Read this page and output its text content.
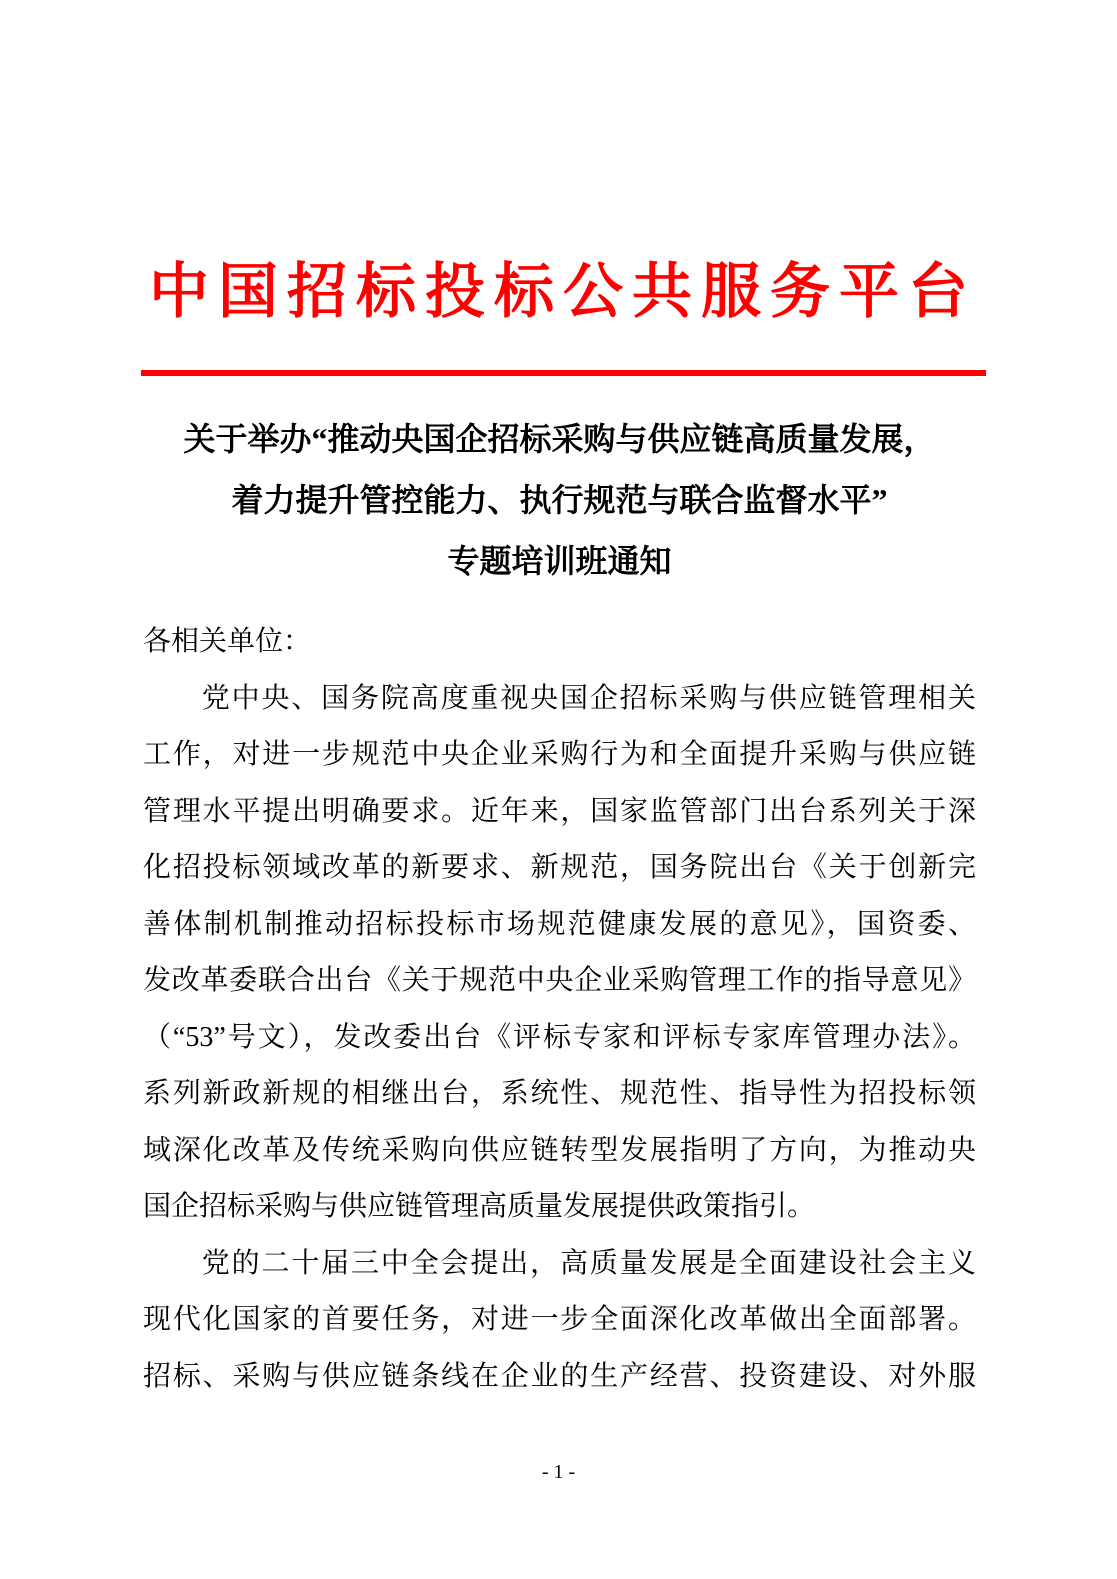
中国招标投标公共服务平台
关于举办“推动央国企招标采购与供应链高质量发展，
着力提升管控能力、执行规范与联合监督水平”
专题培训班通知
各相关单位：
党中央、国务院高度重视央国企招标采购与供应链管理相关
工作，对进一步规范中央企业采购行为和全面提升采购与供应链
管理水平提出明确要求。近年来，国家监管部门出台系列关于深
化招投标领域改革的新要求、新规范，国务院出台《关于创新完
善体制机制推动招标投标市场规范健康发展的意见》，国资委、
发改革委联合出台《关于规范中央企业采购管理工作的指导意见》
（“53”号文），发改委出台《评标专家和评标专家库管理办法》。
系列新政新规的相继出台，系统性、规范性、指导性为招投标领
域深化改革及传统采购向供应链转型发展指明了方向，为推动央
国企招标采购与供应链管理高质量发展提供政策指引。
党的二十届三中全会提出，高质量发展是全面建设社会主义
现代化国家的首要任务，对进一步全面深化改革做出全面部署。
招标、采购与供应链条线在企业的生产经营、投资建设、对外服
- 1 -
